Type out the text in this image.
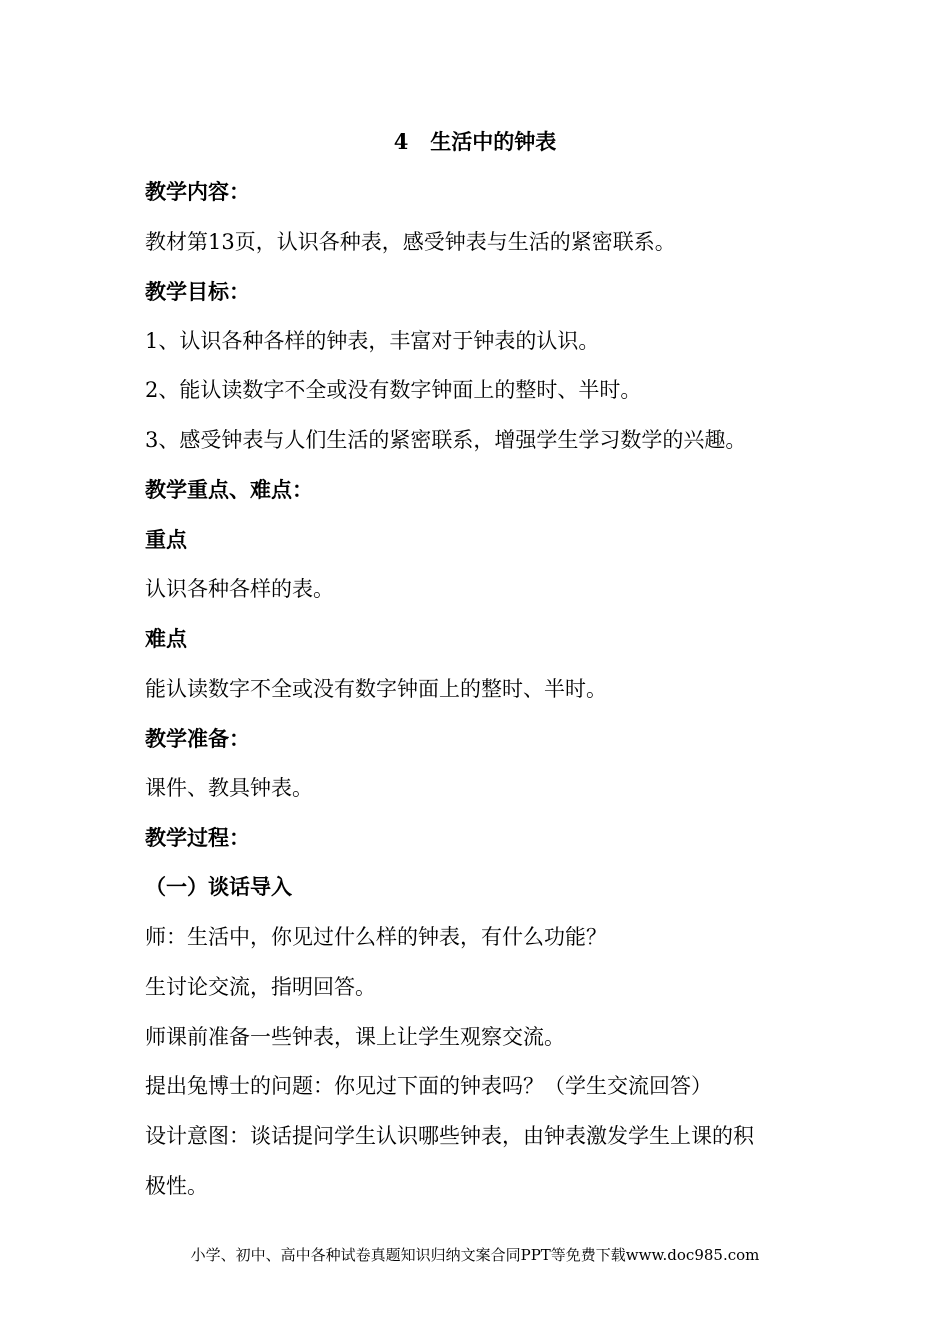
4   生活中的钟表
教学内容：
教材第13页，认识各种表，感受钟表与生活的紧密联系。
教学目标：
1、认识各种各样的钟表，丰富对于钟表的认识。
2、能认读数字不全或没有数字钟面上的整时、半时。
3、感受钟表与人们生活的紧密联系，增强学生学习数学的兴趣。
教学重点、难点：
重点
认识各种各样的表。
难点
能认读数字不全或没有数字钟面上的整时、半时。
教学准备：
课件、教具钟表。
教学过程：
（一）谈话导入
师：生活中，你见过什么样的钟表，有什么功能？
生讨论交流，指明回答。
师课前准备一些钟表，课上让学生观察交流。
提出兔博士的问题：你见过下面的钟表吗？（学生交流回答）
设计意图：谈话提问学生认识哪些钟表，由钟表激发学生上课的积
极性。
小学、初中、高中各种试卷真题知识归纳文案合同PPT等免费下载www.doc985.com
